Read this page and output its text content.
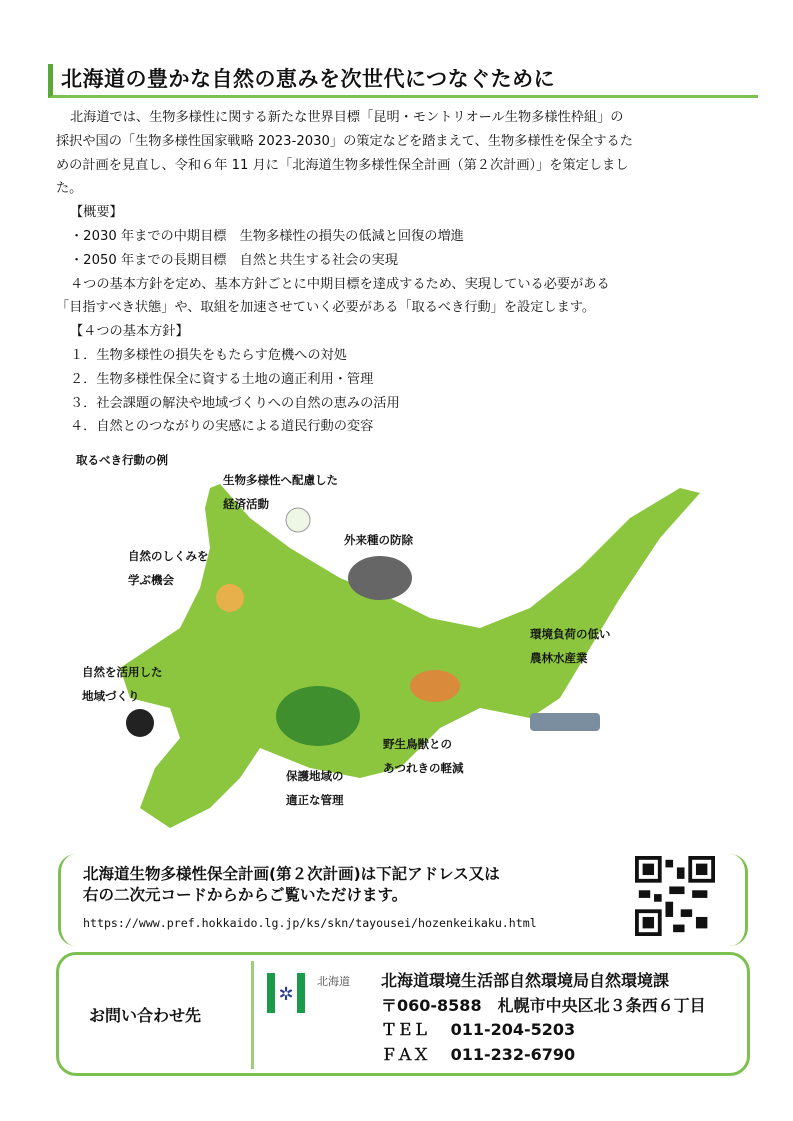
北海道の豊かな自然の恵みを次世代につなぐために

北海道では、生物多様性に関する新たな世界目標「昆明・モントリオール生物多様性枠組」の

採択や国の「生物多様性国家戦略 2023-2030」の策定などを踏まえて、生物多様性を保全するた

めの計画を見直し、令和６年 11 月に「北海道生物多様性保全計画（第２次計画）」を策定しまし

た。

【概要】

・2030 年までの中期目標　生物多様性の損失の低減と回復の増進

・2050 年までの長期目標　自然と共生する社会の実現

４つの基本方針を定め、基本方針ごとに中期目標を達成するため、実現している必要がある

「目指すべき状態」や、取組を加速させていく必要がある「取るべき行動」を設定します。

【４つの基本方針】

１．生物多様性の損失をもたらす危機への対処

２．生物多様性保全に資する土地の適正利用・管理

３．社会課題の解決や地域づくりへの自然の恵みの活用

４．自然とのつながりの実感による道民行動の変容

取るべき行動の例
生物多様性へ配慮した
経済活動
外来種の防除
自然のしくみを
学ぶ機会
環境負荷の低い
農林水産業
自然を活用した
地域づくり
野生鳥獣との
あつれきの軽減
保護地域の
適正な管理
北海道生物多様性保全計画(第２次計画)は下記アドレス又は
右の二次元コードからからご覧いただけます。
https://www.pref.hokkaido.lg.jp/ks/skn/tayousei/hozenkeikaku.html
お問い合わせ先
✲
北海道 北海道環境生活部自然環境局自然環境課
〒060-8588　札幌市中央区北３条西６丁目
ＴＥＬ　 011-204-5203
ＦＡＸ　 011-232-6790
